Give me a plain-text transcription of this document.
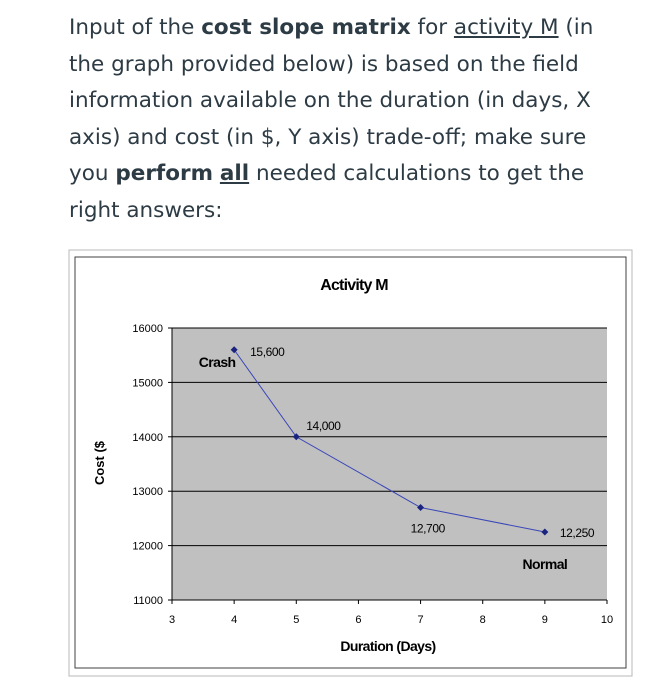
Input of the cost slope matrix for activity M (in the graph provided below) is based on the field information available on the duration (in days, X axis) and cost (in $, Y axis) trade-off; make sure you perform all needed calculations to get the right answers:
11000
12000
13000
14000
15000
16000
3	4	5	6	7	8	9	10
15,600
14,000
12,700	12,250
Crash
Normal
Activity M
Duration (Days)
Cost ($
